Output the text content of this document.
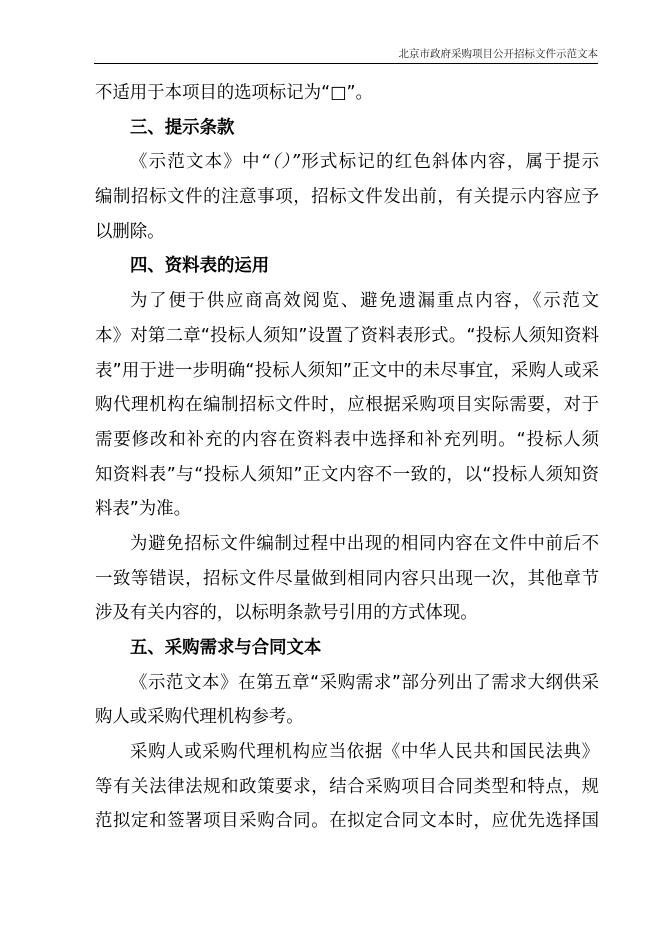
北京市政府采购项目公开招标文件示范文本
不适用于本项目的选项标记为“□”。
三、提示条款
《示范文本》中“（）”形式标记的红色斜体内容，属于提示
编制招标文件的注意事项，招标文件发出前，有关提示内容应予
以删除。
四、资料表的运用
为了便于供应商高效阅览、避免遗漏重点内容，《示范文
本》对第二章“投标人须知”设置了资料表形式。“投标人须知资料
表”用于进一步明确“投标人须知”正文中的未尽事宜，采购人或采
购代理机构在编制招标文件时，应根据采购项目实际需要，对于
需要修改和补充的内容在资料表中选择和补充列明。“投标人须
知资料表”与“投标人须知”正文内容不一致的，以“投标人须知资
料表”为准。
为避免招标文件编制过程中出现的相同内容在文件中前后不
一致等错误，招标文件尽量做到相同内容只出现一次，其他章节
涉及有关内容的，以标明条款号引用的方式体现。
五、采购需求与合同文本
《示范文本》在第五章“采购需求”部分列出了需求大纲供采
购人或采购代理机构参考。
采购人或采购代理机构应当依据《中华人民共和国民法典》
等有关法律法规和政策要求，结合采购项目合同类型和特点，规
范拟定和签署项目采购合同。在拟定合同文本时，应优先选择国
